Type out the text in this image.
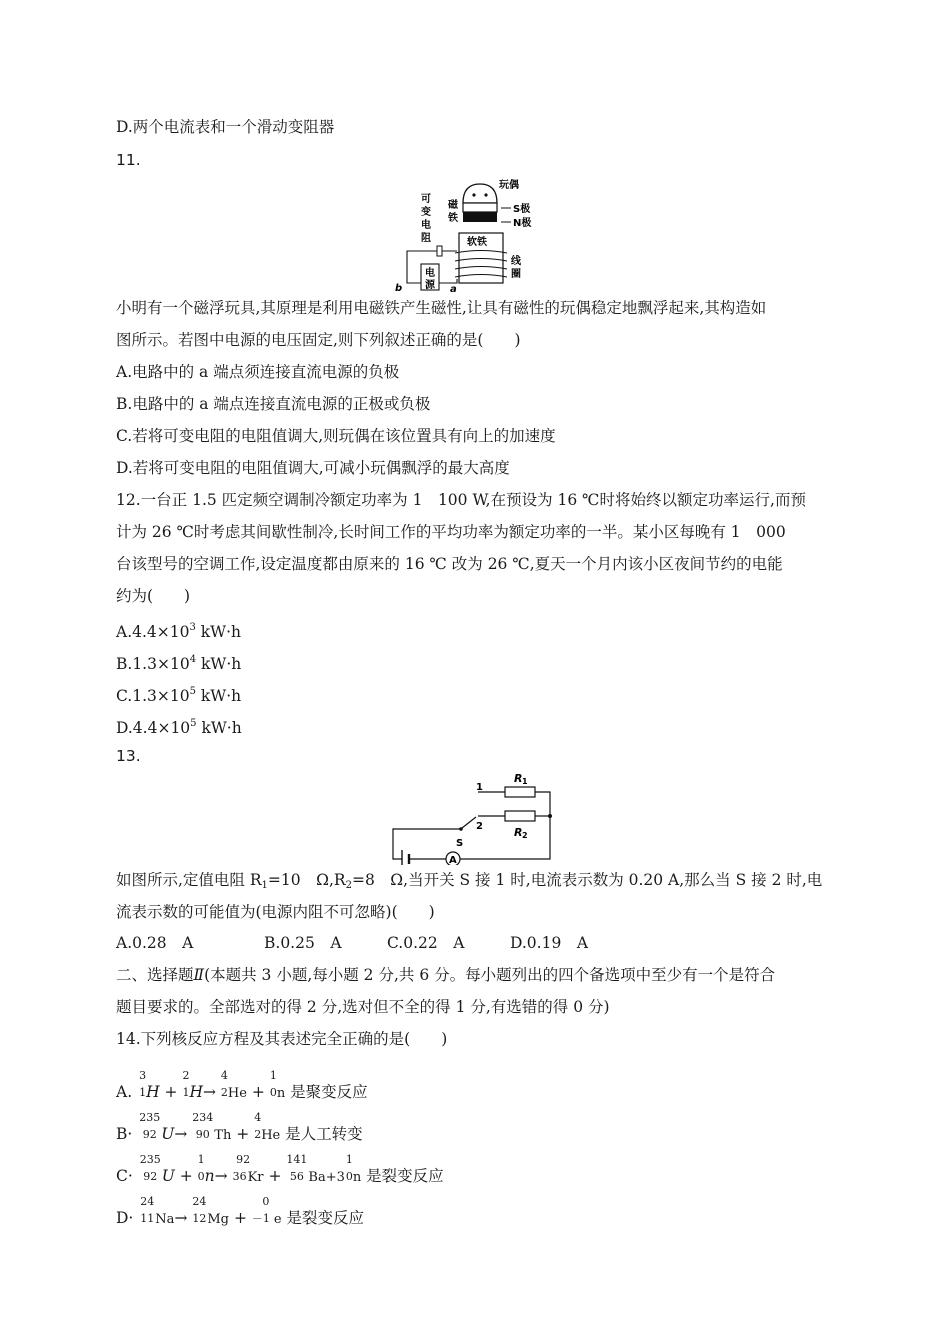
D.两个电流表和一个滑动变阻器
11.
可
变
电
阻
玩偶
磁
铁
S极
N极
软铁
线
圈
电
源
b	a
小明有一个磁浮玩具,其原理是利用电磁铁产生磁性,让具有磁性的玩偶稳定地飘浮起来,其构造如
图所示。若图中电源的电压固定,则下列叙述正确的是(　　)
A.电路中的 a 端点须连接直流电源的负极
B.电路中的 a 端点连接直流电源的正极或负极
C.若将可变电阻的电阻值调大,则玩偶在该位置具有向上的加速度
D.若将可变电阻的电阻值调大,可减小玩偶飘浮的最大高度
12.一台正 1.5 匹定频空调制冷额定功率为 1　100 W,在预设为 16 ℃时将始终以额定功率运行,而预
计为 26 ℃时考虑其间歇性制冷,长时间工作的平均功率为额定功率的一半。某小区每晚有 1　000
台该型号的空调工作,设定温度都由原来的 16 ℃ 改为 26 ℃,夏天一个月内该小区夜间节约的电能
约为(　　)
$A.4.4\times 10^3$ kW·h
$B.1.3\times 10^4$ kW·h
$C.1.3\times 10^5$ kW·h
$D.4.4\times 10^5$ kW·h
13.
A
S
1
2
R 1
R 2
如图所示,定值电阻 R1=10　Ω,R2=8　Ω,当开关 S 接 1 时,电流表示数为 0.20 A,那么当 S 接 2 时,电
流表示数的可能值为(电源内阻不可忽略)(　　)
A.0.28　A	B.0.25　A	C.0.22　A	D.0.19　A
二、选择题Ⅱ(本题共 3 小题,每小题 2 分,共 6 分。每小题列出的四个备选项中至少有一个是符合
题目要求的。全部选对的得 2 分,选对但不全的得 1 分,有选错的得 0 分)
14.下列核反应方程及其表述完全正确的是(　　)
A.
3
1 H +
2
1 H→
4
2 He +
1
0 n 是聚变反应
B·
235
92 U→
234
90 Th +
4
2 He 是人工转变
C·
235
92 U +
1
0 n→
92
36 Kr +
141
56 Ba+3
1
0 n 是裂变反应
D·
24
11 Na→
24
12 Mg +
0
－1 e 是裂变反应
